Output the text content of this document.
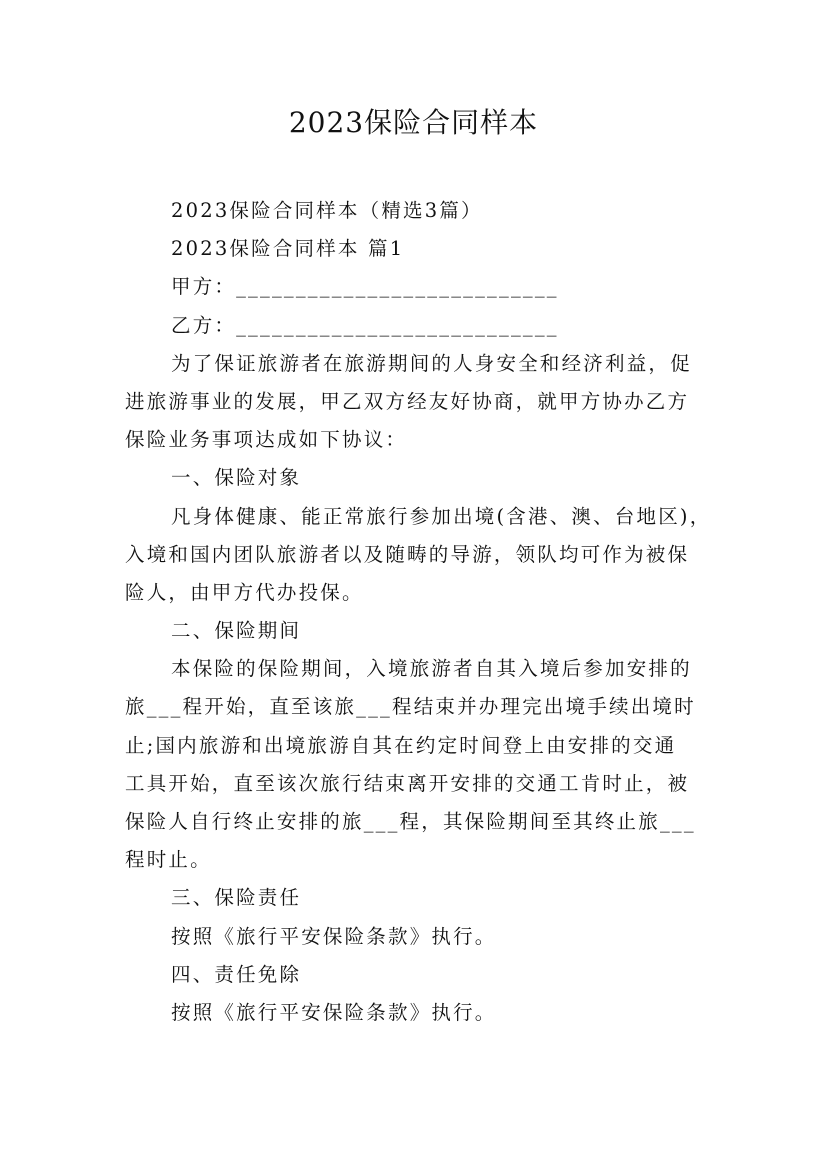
2023保险合同样本

2023保险合同样本（精选3篇）

2023保险合同样本 篇1

甲方：___________________________

乙方：___________________________

为了保证旅游者在旅游期间的人身安全和经济利益，促

进旅游事业的发展，甲乙双方经友好协商，就甲方协办乙方

保险业务事项达成如下协议：

一、保险对象

凡身体健康、能正常旅行参加出境(含港、澳、台地区)，

入境和国内团队旅游者以及随畴的导游，领队均可作为被保

险人，由甲方代办投保。

二、保险期间

本保险的保险期间，入境旅游者自其入境后参加安排的

旅___程开始，直至该旅___程结束并办理完出境手续出境时

止;国内旅游和出境旅游自其在约定时间登上由安排的交通

工具开始，直至该次旅行结束离开安排的交通工肯时止，被

保险人自行终止安排的旅___程，其保险期间至其终止旅___

程时止。

三、保险责任

按照《旅行平安保险条款》执行。

四、责任免除

按照《旅行平安保险条款》执行。
